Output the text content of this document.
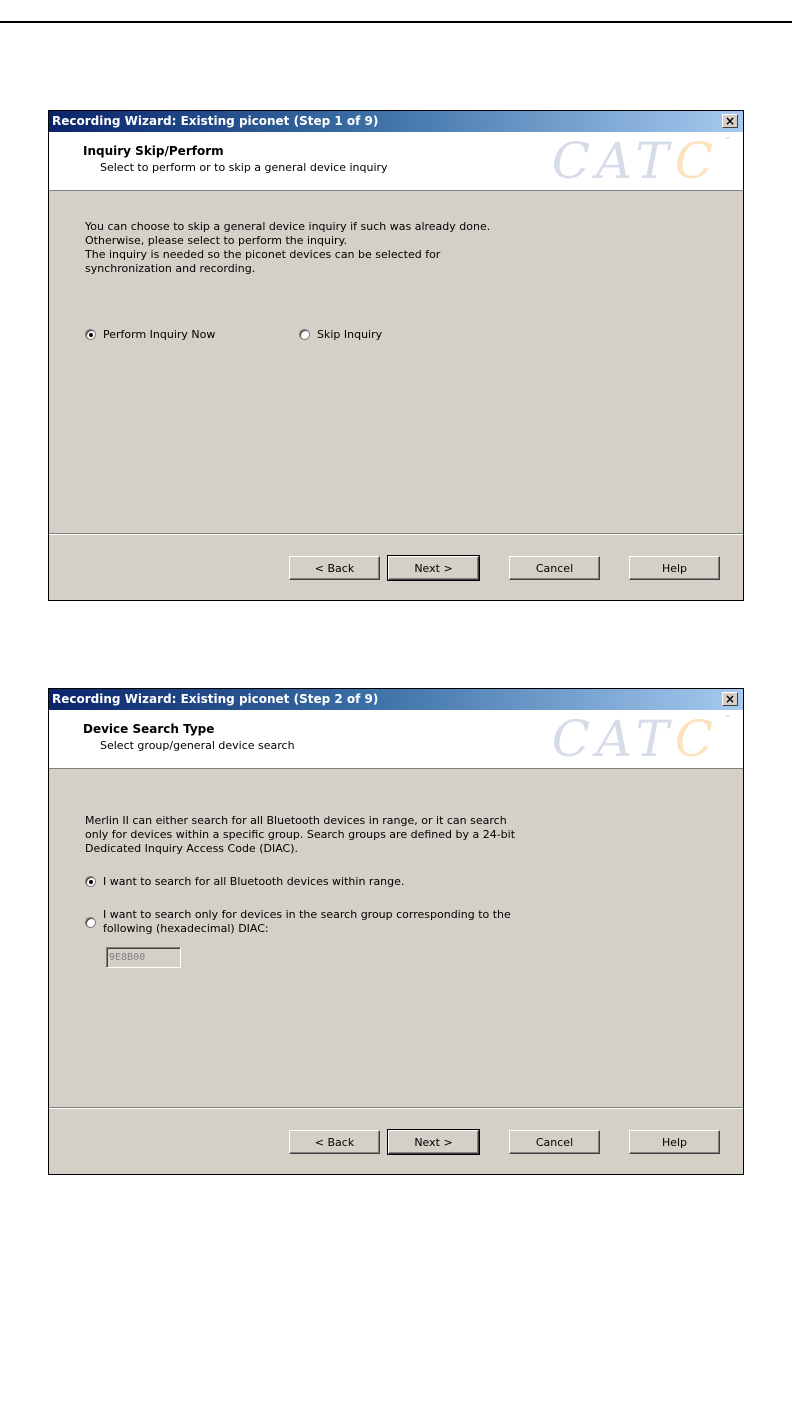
Recording Wizard: Existing piconet (Step 1 of 9)	×
Inquiry Skip/Perform
Select to perform or to skip a general device inquiry	CATC ™
You can choose to skip a general device inquiry if such was already done.
Otherwise, please select to perform the inquiry.
The inquiry is needed so the piconet devices can be selected for
synchronization and recording.
Perform Inquiry Now	Skip Inquiry
< Back	Next >	Cancel	Help
Recording Wizard: Existing piconet (Step 2 of 9)	×
Device Search Type
Select group/general device search	CATC ™
Merlin II can either search for all Bluetooth devices in range, or it can search
only for devices within a specific group. Search groups are defined by a 24-bit
Dedicated Inquiry Access Code (DIAC).
I want to search for all Bluetooth devices within range.
I want to search only for devices in the search group corresponding to the
following (hexadecimal) DIAC:
9E8B00
< Back	Next >	Cancel	Help
